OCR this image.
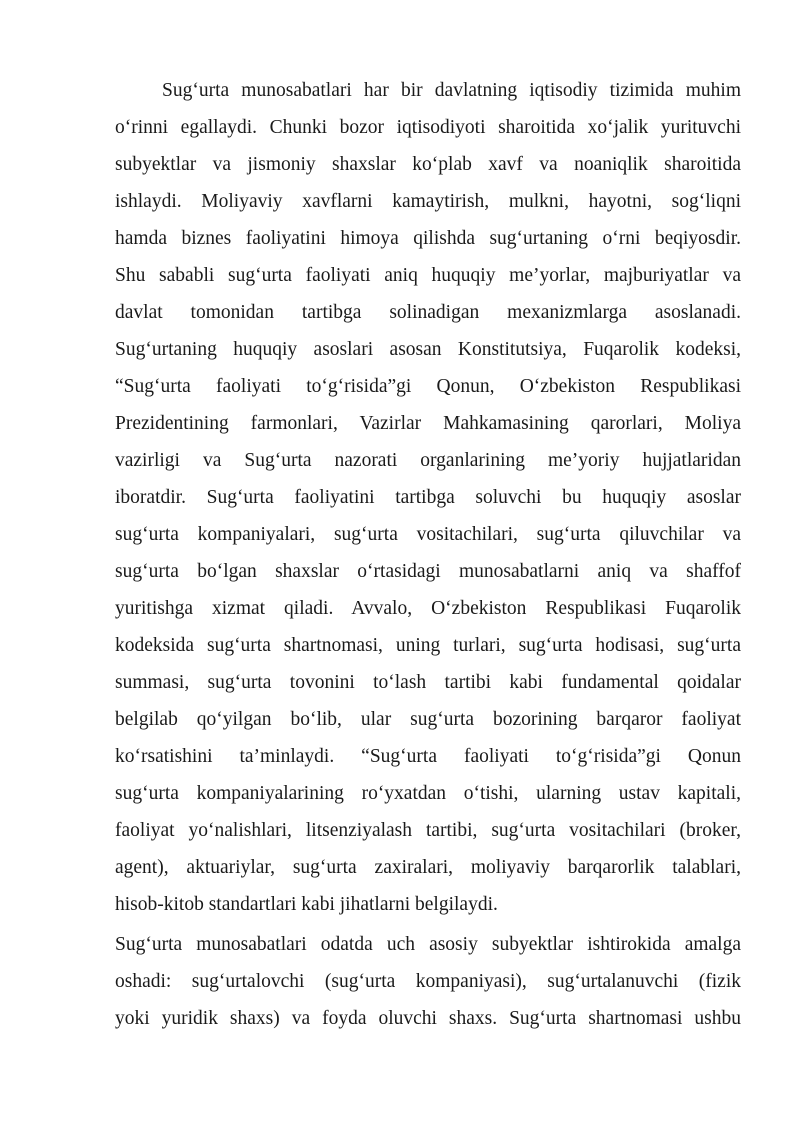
Sug‘urta munosabatlari har bir davlatning iqtisodiy tizimida muhim
o‘rinni egallaydi. Chunki bozor iqtisodiyoti sharoitida xo‘jalik yurituvchi
subyektlar va jismoniy shaxslar ko‘plab xavf va noaniqlik sharoitida
ishlaydi. Moliyaviy xavflarni kamaytirish, mulkni, hayotni, sog‘liqni
hamda biznes faoliyatini himoya qilishda sug‘urtaning o‘rni beqiyosdir.
Shu sababli sug‘urta faoliyati aniq huquqiy me’yorlar, majburiyatlar va
davlat tomonidan tartibga solinadigan mexanizmlarga asoslanadi.
Sug‘urtaning huquqiy asoslari asosan Konstitutsiya, Fuqarolik kodeksi,
“Sug‘urta faoliyati to‘g‘risida”gi Qonun, O‘zbekiston Respublikasi
Prezidentining farmonlari, Vazirlar Mahkamasining qarorlari, Moliya
vazirligi va Sug‘urta nazorati organlarining me’yoriy hujjatlaridan
iboratdir. Sug‘urta faoliyatini tartibga soluvchi bu huquqiy asoslar
sug‘urta kompaniyalari, sug‘urta vositachilari, sug‘urta qiluvchilar va
sug‘urta bo‘lgan shaxslar o‘rtasidagi munosabatlarni aniq va shaffof
yuritishga xizmat qiladi. Avvalo, O‘zbekiston Respublikasi Fuqarolik
kodeksida sug‘urta shartnomasi, uning turlari, sug‘urta hodisasi, sug‘urta
summasi, sug‘urta tovonini to‘lash tartibi kabi fundamental qoidalar
belgilab qo‘yilgan bo‘lib, ular sug‘urta bozorining barqaror faoliyat
ko‘rsatishini ta’minlaydi. “Sug‘urta faoliyati to‘g‘risida”gi Qonun
sug‘urta kompaniyalarining ro‘yxatdan o‘tishi, ularning ustav kapitali,
faoliyat yo‘nalishlari, litsenziyalash tartibi, sug‘urta vositachilari (broker,
agent), aktuariylar, sug‘urta zaxiralari, moliyaviy barqarorlik talablari,
hisob-kitob standartlari kabi jihatlarni belgilaydi.
Sug‘urta munosabatlari odatda uch asosiy subyektlar ishtirokida amalga
oshadi: sug‘urtalovchi (sug‘urta kompaniyasi), sug‘urtalanuvchi (fizik
yoki yuridik shaxs) va foyda oluvchi shaxs. Sug‘urta shartnomasi ushbu
